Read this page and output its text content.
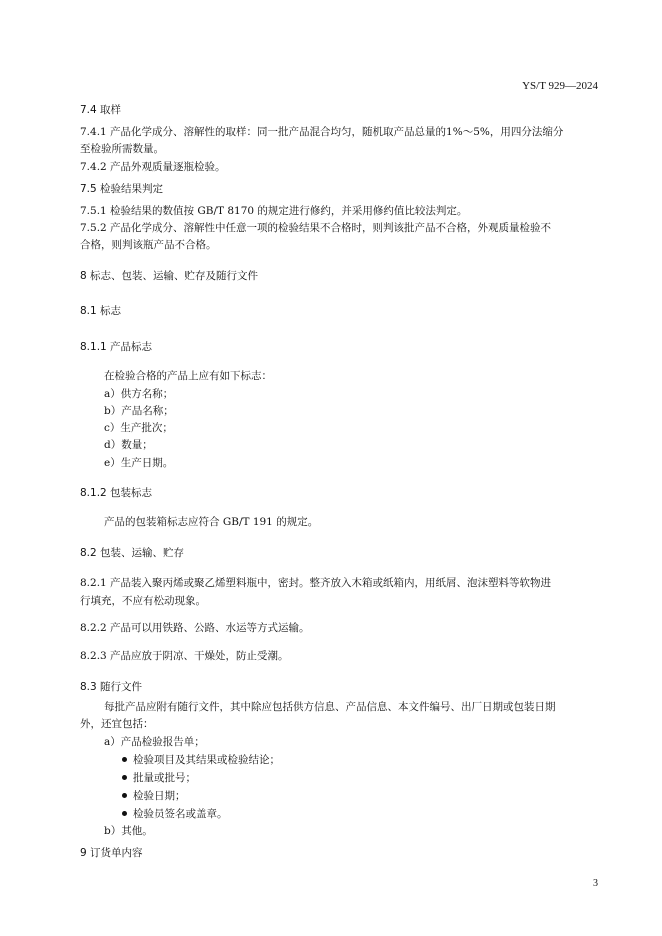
YS/T 929—2024
7.4 取样
7.4.1 产品化学成分、溶解性的取样：同一批产品混合均匀，随机取产品总量的1%～5%，用四分法缩分
至检验所需数量。
7.4.2 产品外观质量逐瓶检验。
7.5 检验结果判定
7.5.1 检验结果的数值按 GB/T 8170 的规定进行修约，并采用修约值比较法判定。
7.5.2 产品化学成分、溶解性中任意一项的检验结果不合格时，则判该批产品不合格，外观质量检验不
合格，则判该瓶产品不合格。
8 标志、包装、运输、贮存及随行文件
8.1 标志
8.1.1 产品标志
在检验合格的产品上应有如下标志：
a）供方名称；
b）产品名称；
c）生产批次；
d）数量；
e）生产日期。
8.1.2 包装标志
产品的包装箱标志应符合 GB/T 191 的规定。
8.2 包装、运输、贮存
8.2.1 产品装入聚丙烯或聚乙烯塑料瓶中，密封。整齐放入木箱或纸箱内，用纸屑、泡沫塑料等软物进
行填充，不应有松动现象。
8.2.2 产品可以用铁路、公路、水运等方式运输。
8.2.3 产品应放于阴凉、干燥处，防止受潮。
8.3 随行文件
每批产品应附有随行文件，其中除应包括供方信息、产品信息、本文件编号、出厂日期或包装日期
外，还宜包括：
a）产品检验报告单；
检验项目及其结果或检验结论；
批量或批号；
检验日期；
检验员签名或盖章。
b）其他。
9 订货单内容
3
